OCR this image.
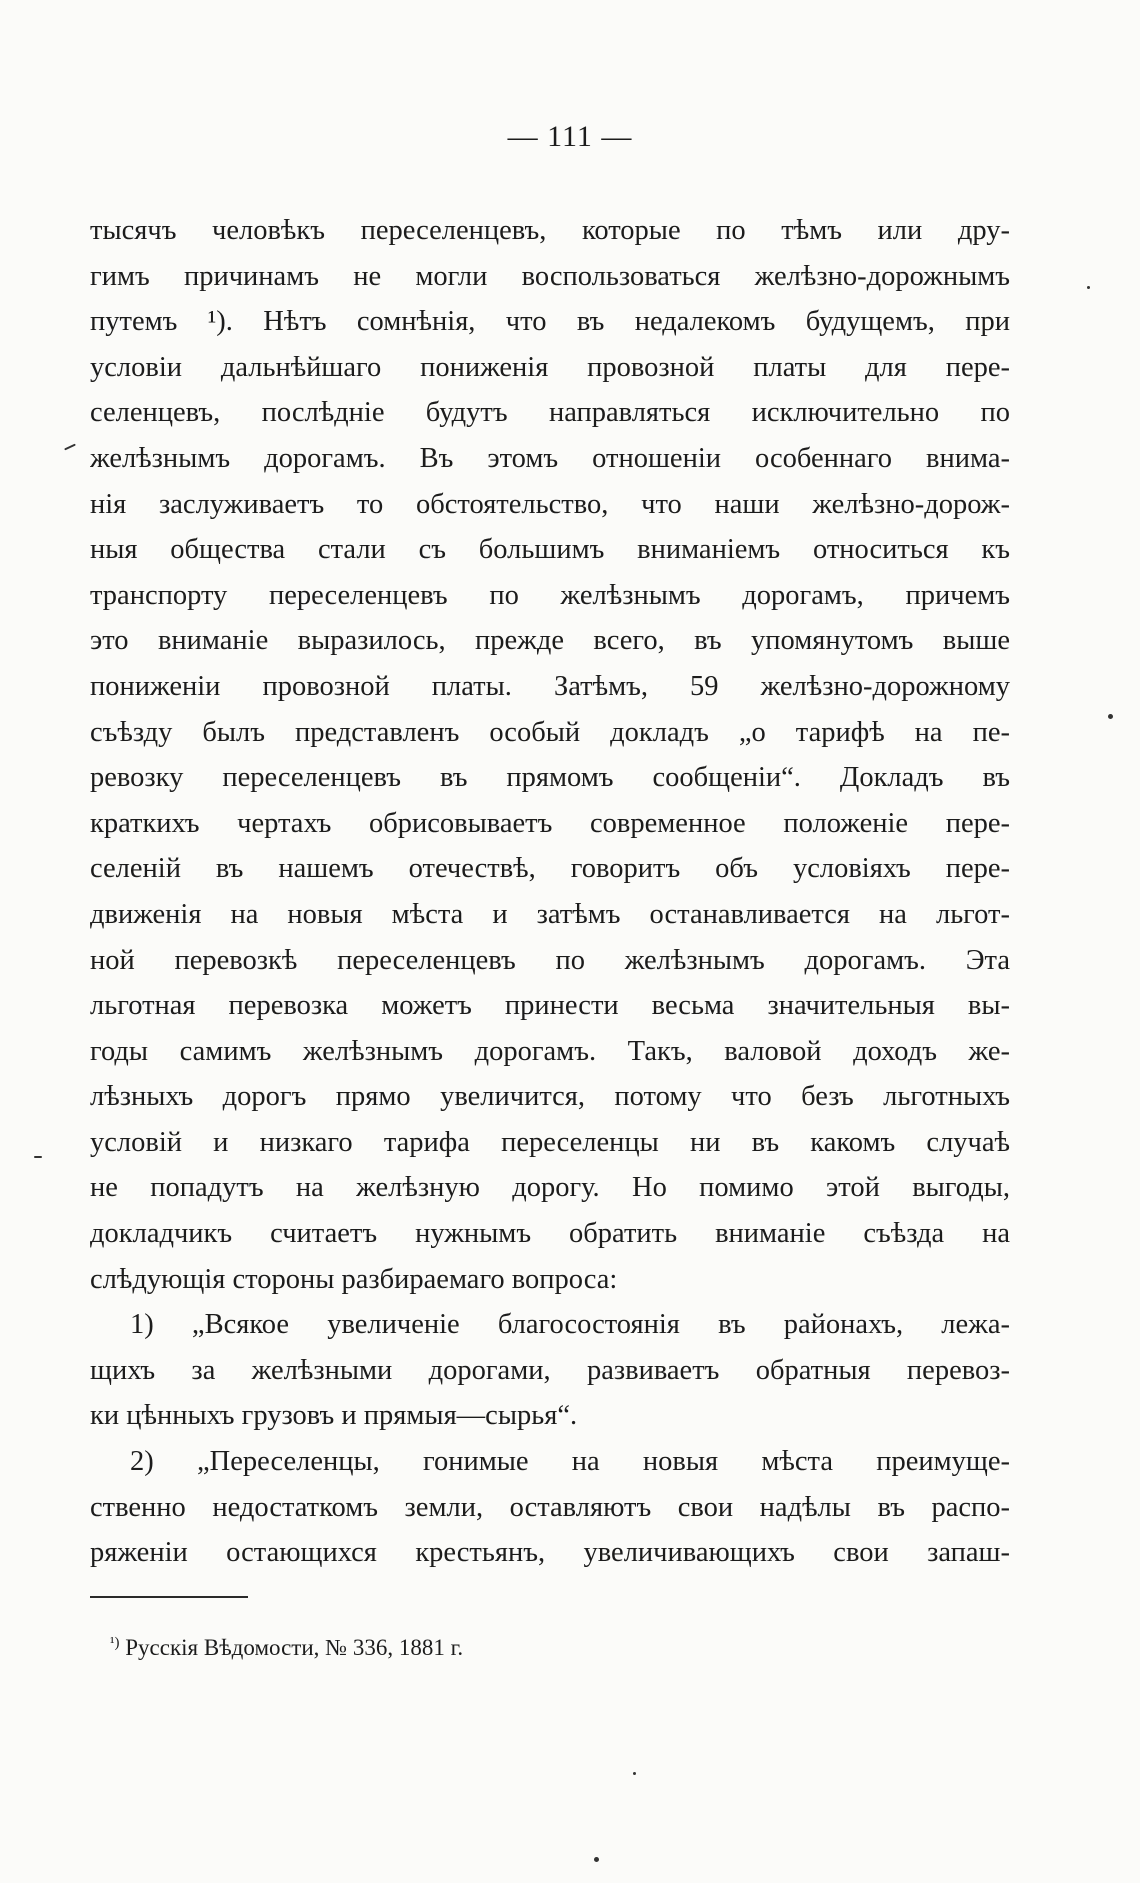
— 111 —
тысячъ человѣкъ переселенцевъ, которые по тѣмъ или дру-
гимъ причинамъ не могли воспользоваться желѣзно-дорожнымъ
путемъ ¹). Нѣтъ сомнѣнія, что въ недалекомъ будущемъ, при
условіи дальнѣйшаго пониженія провозной платы для пере-
селенцевъ, послѣдніе будутъ направляться исключительно по
желѣзнымъ дорогамъ. Въ этомъ отношеніи особеннаго внима-
нія заслуживаетъ то обстоятельство, что наши желѣзно-дорож-
ныя общества стали съ большимъ вниманіемъ относиться къ
транспорту переселенцевъ по желѣзнымъ дорогамъ, причемъ
это вниманіе выразилось, прежде всего, въ упомянутомъ выше
пониженіи провозной платы. Затѣмъ, 59 желѣзно-дорожному
съѣзду былъ представленъ особый докладъ „о тарифѣ на пе-
ревозку переселенцевъ въ прямомъ сообщеніи“. Докладъ въ
краткихъ чертахъ обрисовываетъ современное положеніе пере-
селеній въ нашемъ отечествѣ, говоритъ объ условіяхъ пере-
движенія на новыя мѣста и затѣмъ останавливается на льгот-
ной перевозкѣ переселенцевъ по желѣзнымъ дорогамъ. Эта
льготная перевозка можетъ принести весьма значительныя вы-
годы самимъ желѣзнымъ дорогамъ. Такъ, валовой доходъ же-
лѣзныхъ дорогъ прямо увеличится, потому что безъ льготныхъ
условій и низкаго тарифа переселенцы ни въ какомъ случаѣ
не попадутъ на желѣзную дорогу. Но помимо этой выгоды,
докладчикъ считаетъ нужнымъ обратить вниманіе съѣзда на
слѣдующія стороны разбираемаго вопроса:
1) „Всякое увеличеніе благосостоянія въ районахъ, лежа-
щихъ за желѣзными дорогами, развиваетъ обратныя перевоз-
ки цѣнныхъ грузовъ и прямыя—сырья“.
2) „Переселенцы, гонимые на новыя мѣста преимуще-
ственно недостаткомъ земли, оставляютъ свои надѣлы въ распо-
ряженіи остающихся крестьянъ, увеличивающихъ свои запаш-
$^{^1)}$ Русскія Вѣдомости, № 336, 1881 г.
